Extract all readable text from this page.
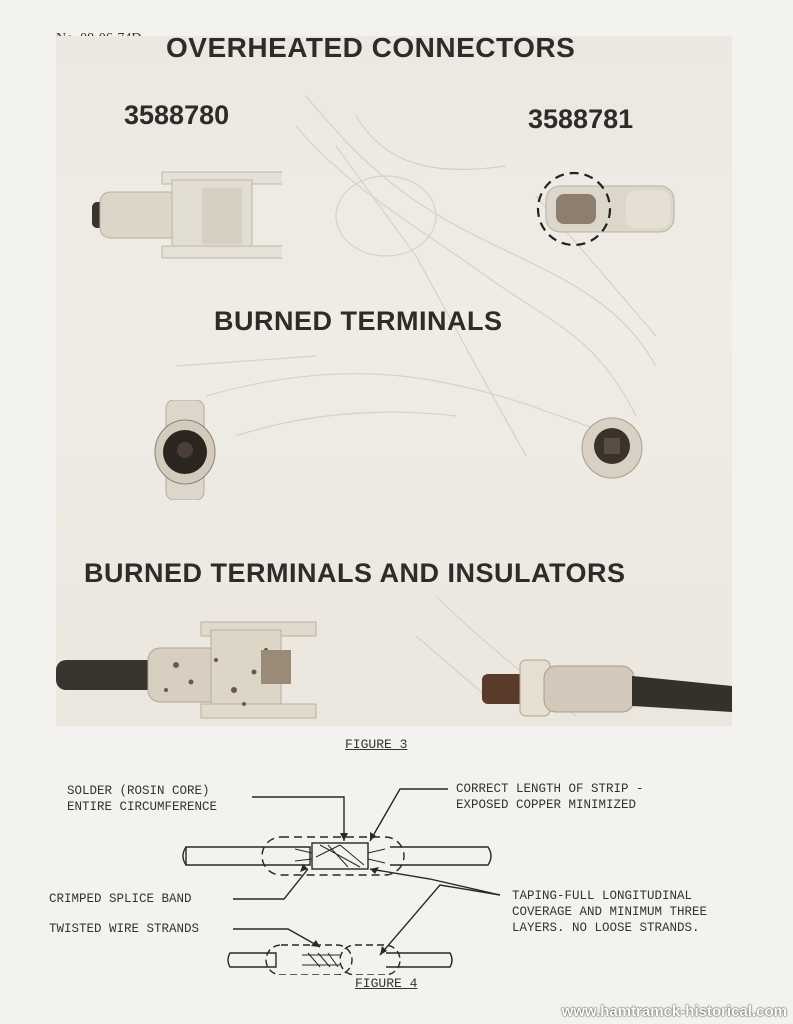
OVERHEATED CONNECTORS
3588780	3588781
BURNED TERMINALS
BURNED TERMINALS AND INSULATORS
FIGURE 3
SOLDER (ROSIN CORE)
ENTIRE CIRCUMFERENCE
CORRECT LENGTH OF STRIP -
EXPOSED COPPER MINIMIZED
CRIMPED SPLICE BAND
TWISTED WIRE STRANDS
TAPING-FULL LONGITUDINAL
COVERAGE AND MINIMUM THREE
LAYERS. NO LOOSE STRANDS.
FIGURE 4
www.hamtramck-historical.com
